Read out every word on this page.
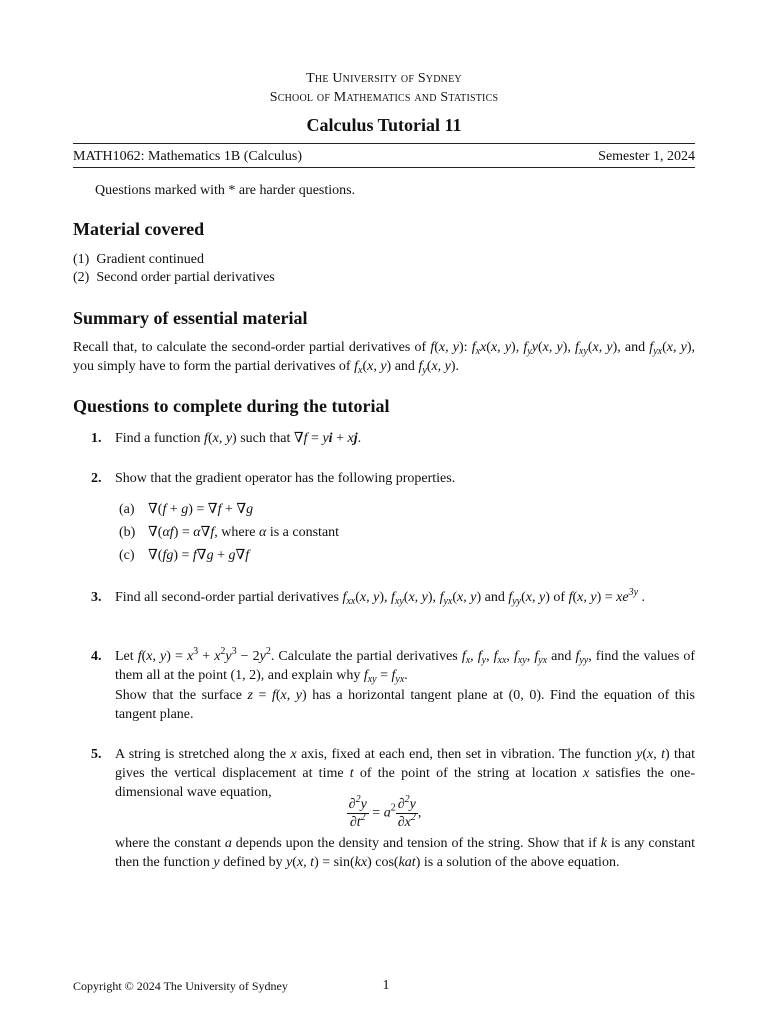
The University of Sydney
School of Mathematics and Statistics
Calculus Tutorial 11
MATH1062: Mathematics 1B (Calculus)	Semester 1, 2024
Questions marked with * are harder questions.
Material covered
(1) Gradient continued
(2) Second order partial derivatives
Summary of essential material
Recall that, to calculate the second-order partial derivatives of f(x, y): $f_xx(x$, y), $f_yy(x$, y), $f_{xy}(x$, y), and $f_{yx}(x$, y), you simply have to form the partial derivatives of $f_x(x$, y) and $f_y(x$, y).
Questions to complete during the tutorial
1. Find a function f(x, y) such that ∇f = yi + xj.
2. Show that the gradient operator has the following properties.
(a) ∇(f + g) = ∇f + ∇g
(b) ∇(αf) = α∇f, where α is a constant
(c) ∇(fg) = f∇g + g∇f
3. Find all second-order partial derivatives $f_{xx}(x$, y), $f_{xy}(x$, y), $f_{yx}(x$, y) and $f_{yy}(x$, y) of f(x, $y) = xe^{3y}$ .
4. Let f(x, $y) = x^3 + x^2y^3 - 2y^2$. Calculate the partial derivatives $f_x$, $f_y$, $f_{xx}$, $f_{xy}$, $f_{yx}$ and $f_{yy}$, find the values of them all at the point (1, 2), and explain why $f_{xy} = f_{yx}$.
Show that the surface z = f(x, y) has a horizontal tangent plane at (0, 0). Find the equation of this tangent plane.
5. A string is stretched along the x axis, fixed at each end, then set in vibration. The function y(x, t) that gives the vertical displacement at time t of the point of the string at location x satisfies the one-dimensional wave equation,
$\frac{\partial^2y}{\partial t^2} = a^2 \frac{\partial^2y}{\partial x^2}$ ,
where the constant a depends upon the density and tension of the string. Show that if k is any constant then the function y defined by y(x, t) = sin(kx) cos(kat) is a solution of the above equation.
Copyright © 2024 The University of Sydney	1
